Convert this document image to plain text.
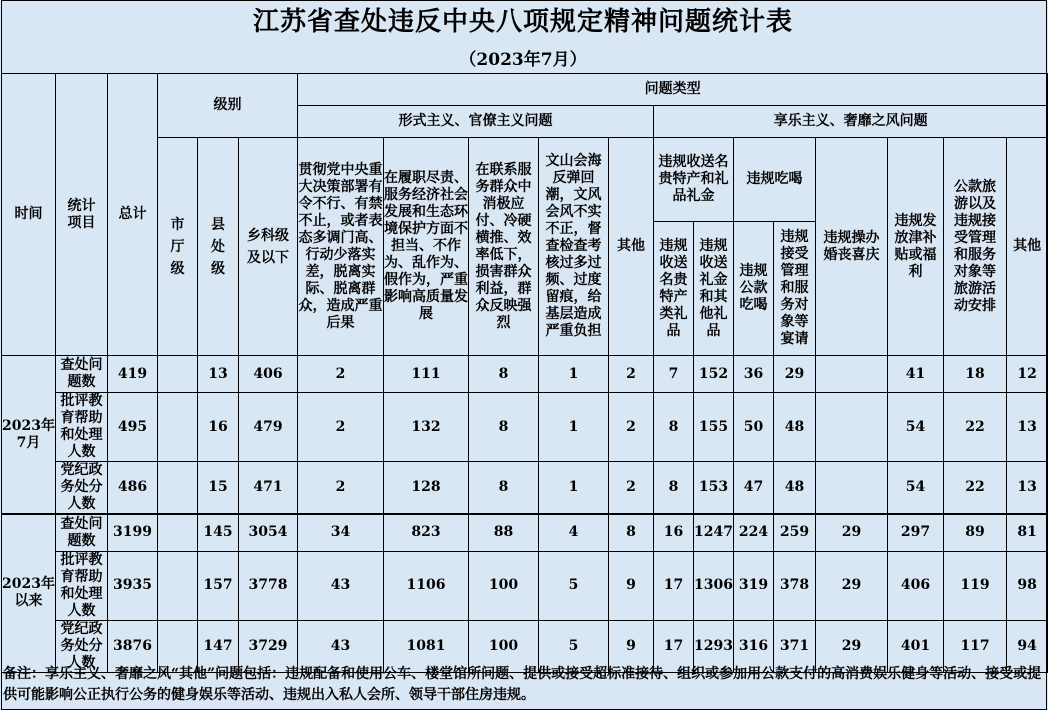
江苏省查处违反中央八项规定精神问题统计表
（2023年7月）
时间	统计项目	总计	级别			问题类型												
						形式主义、官僚主义问题					享乐主义、奢靡之风问题							
			市厅级	县处级	乡科级及以下	贯彻党中央重大决策部署有令不行、有禁不止，或者表态多调门高、行动少落实差，脱离实际、脱离群众，造成严重后果	在履职尽责、服务经济社会发展和生态环境保护方面不担当、不作为、乱作为、假作为，严重影响高质量发展	在联系服务群众中消极应付、冷硬横推、效率低下，损害群众利益，群众反映强烈	文山会海反弹回潮，文风会风不实不正，督查检查考核过多过频、过度留痕，给基层造成严重负担	其他	违规收送名贵特产和礼品礼金		违规吃喝		违规操办婚丧喜庆	违规发放津补贴或福利	公款旅游以及违规接受管理和服务对象等旅游活动安排	其他
											违规收送名贵特产类礼品	违规收送礼金和其他礼品	违规公款吃喝	违规接受管理和服务对象等宴请				
2023年7月	查处问题数	419		13	406	2	111	8	1	2	7	152	36	29		41	18	12
	批评教育帮助和处理人数	495		16	479	2	132	8	1	2	8	155	50	48		54	22	13
	党纪政务处分人数	486		15	471	2	128	8	1	2	8	153	47	48		54	22	13
2023年以来	查处问题数	3199		145	3054	34	823	88	4	8	16	1247	224	259	29	297	89	81
	批评教育帮助和处理人数	3935		157	3778	43	1106	100	5	9	17	1306	319	378	29	406	119	98
	党纪政务处分人数	3876		147	3729	43	1081	100	5	9	17	1293	316	371	29	401	117	94
备注：享乐主义、奢靡之风“其他”问题包括：违规配备和使用公车、楼堂馆所问题、提供或接受超标准接待、组织或参加用公款支付的高消费娱乐健身等活动、接受或提供可能影响公正执行公务的健身娱乐等活动、违规出入私人会所、领导干部住房违规。
